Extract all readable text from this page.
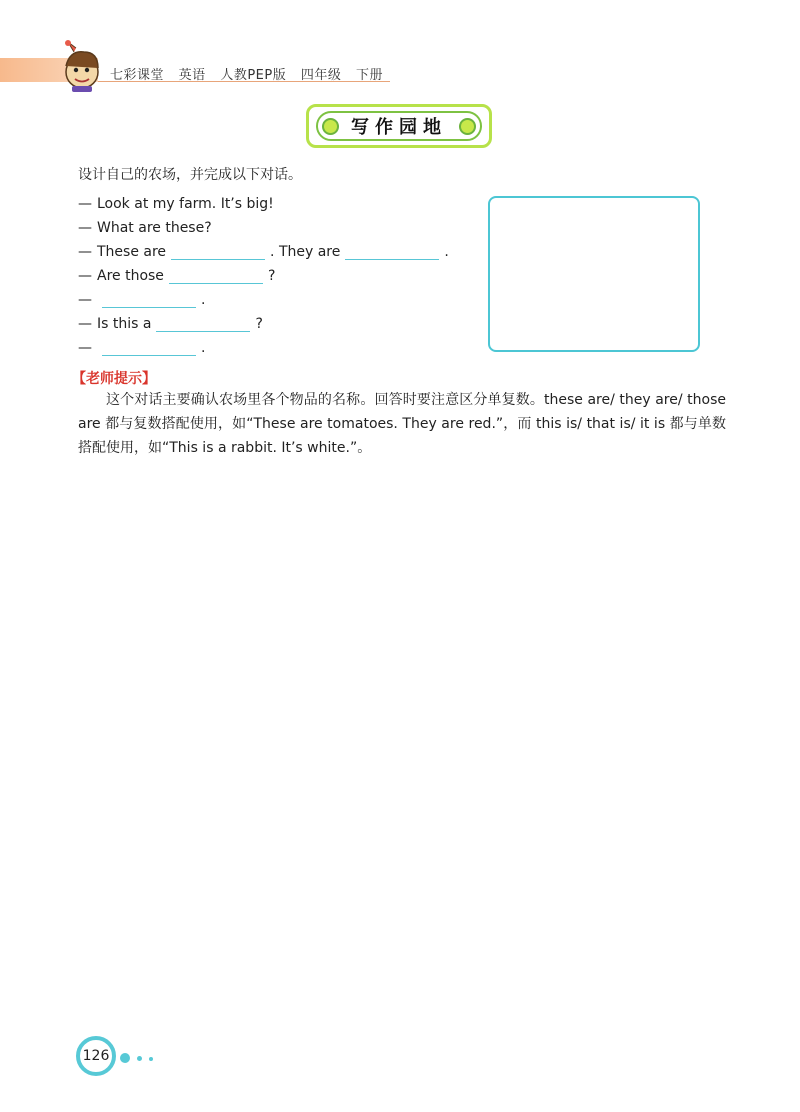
七彩课堂 英语 人教PEP版 四年级 下册
写作园地
设计自己的农场，并完成以下对话。
— Look at my farm. It’s big!
— What are these?
— These are	. They are	.
— Are those	?
—	.
— Is this a	?
—	.
【老师提示】
这个对话主要确认农场里各个物品的名称。回答时要注意区分单复数。these are/ they are/ those are 都与复数搭配使用，如“These are tomatoes. They are red.”，而 this is/ that is/ it is 都与单数搭配使用，如“This is a rabbit. It’s white.”。
126
